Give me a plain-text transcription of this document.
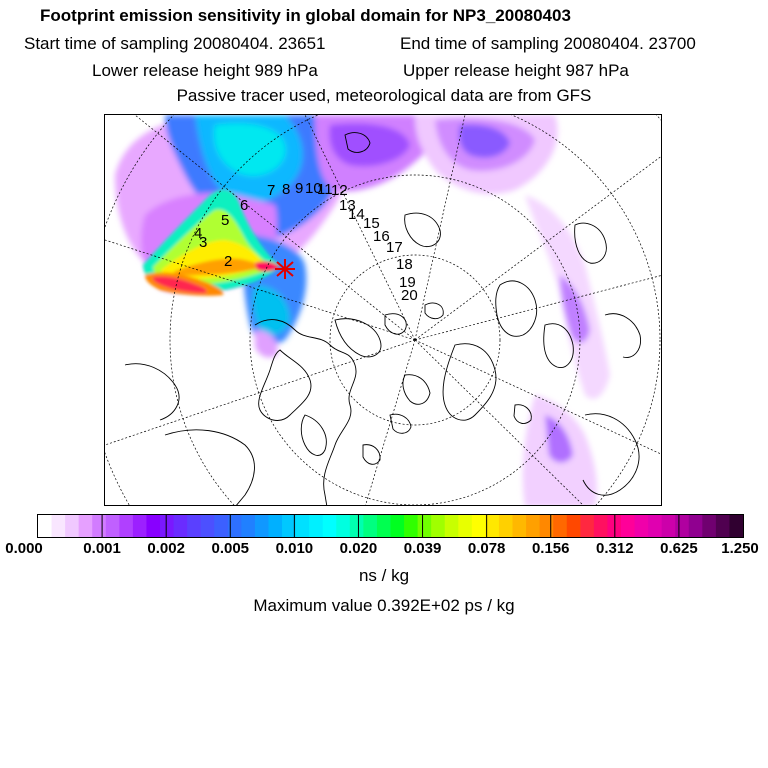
Footprint emission sensitivity in global domain for NP3_20080403
Start time of sampling 20080404. 23651	End time of sampling 20080404. 23700
Lower release height 989 hPa	Upper release height 987 hPa
Passive tracer used, meteorological data are from GFS
2
3
4
5
6
7 8 9 10
11
12
13
14
15
16
17
18
19
20
0.000	0.001 0.002 0.005 0.010 0.020 0.039 0.078 0.156 0.312 0.625 1.250
ns / kg
Maximum value 0.392E+02 ps / kg
